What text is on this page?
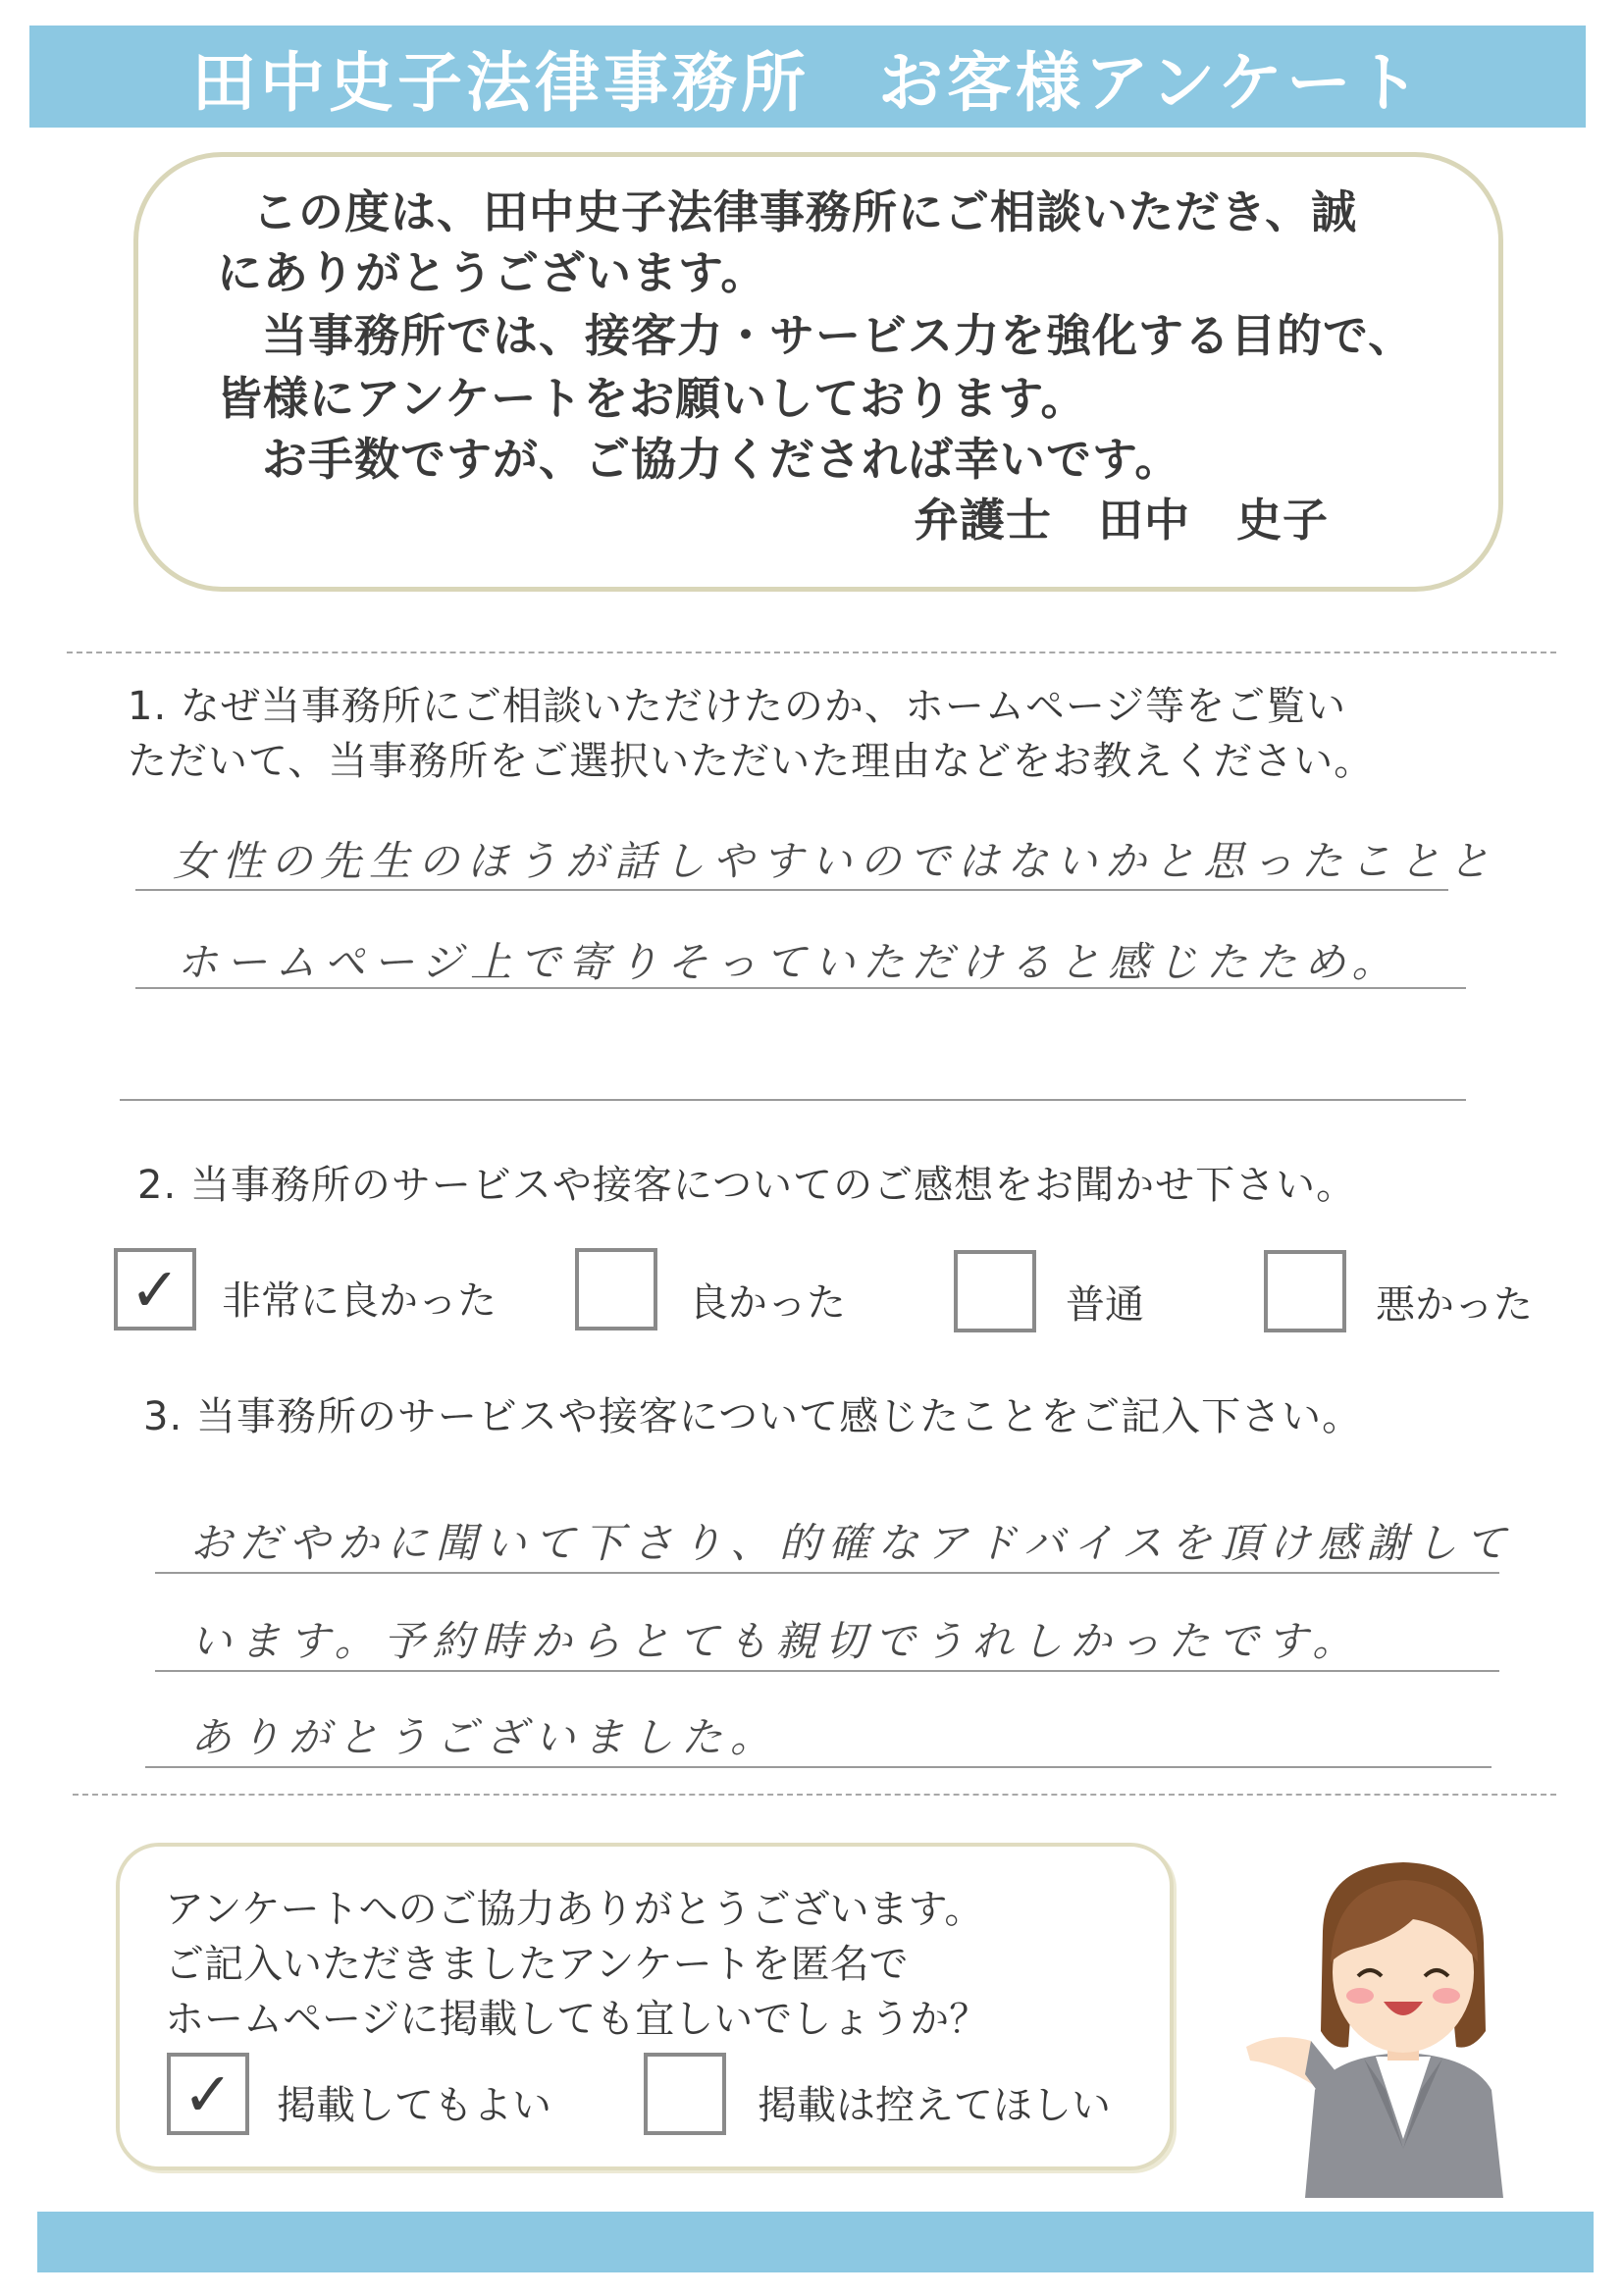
田中史子法律事務所　お客様アンケート
この度は、田中史子法律事務所にご相談いただき、誠
にありがとうございます。
当事務所では、接客力・サービス力を強化する目的で、
皆様にアンケートをお願いしております。
お手数ですが、ご協力くだされば幸いです。
弁護士　田中　史子
1. なぜ当事務所にご相談いただけたのか、ホームページ等をご覧い
ただいて、当事務所をご選択いただいた理由などをお教えください。
女性の先生のほうが話しやすいのではないかと思ったことと
ホームページ上で寄りそっていただけると感じたため。
2. 当事務所のサービスや接客についてのご感想をお聞かせ下さい。
✓	非常に良かった	良かった	普通	悪かった
3. 当事務所のサービスや接客について感じたことをご記入下さい。
おだやかに聞いて下さり、的確なアドバイスを頂け感謝して
います。予約時からとても親切でうれしかったです。
ありがとうございました。
アンケートへのご協力ありがとうございます。
ご記入いただきましたアンケートを匿名で
ホームページに掲載しても宜しいでしょうか？
✓	掲載してもよい	掲載は控えてほしい
